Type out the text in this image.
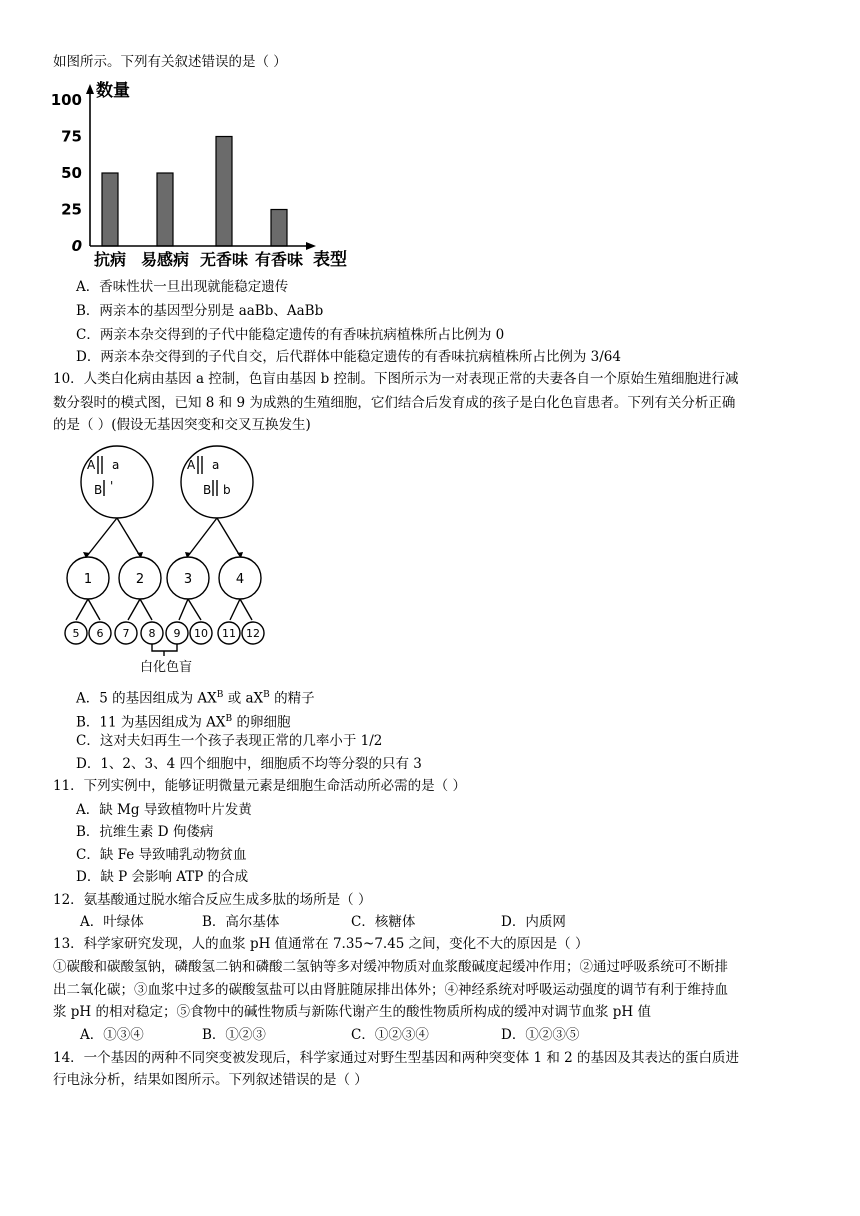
如图所示。下列有关叙述错误的是（ ）
100
75
50
25
0
抗病 易感病 无香味 有香味
数量
表型
A．香味性状一旦出现就能稳定遗传
B．两亲本的基因型分别是 aaBb、AaBb
C．两亲本杂交得到的子代中能稳定遗传的有香味抗病植株所占比例为 0
D．两亲本杂交得到的子代自交，后代群体中能稳定遗传的有香味抗病植株所占比例为 3/64
10．人类白化病由基因 a 控制，色盲由基因 b 控制。下图所示为一对表现正常的夫妻各自一个原始生殖细胞进行减
数分裂时的模式图，已知 8 和 9 为成熟的生殖细胞，它们结合后发育成的孩子是白化色盲患者。下列有关分析正确
的是（ ）(假设无基因突变和交叉互换发生)
A a
B '
A a
B b
1	2	3	4
5 6 7 8 9 10 11 12
白化色盲
A．5 的基因组成为 $AX^B$ 或 $aX^B$ 的精子
B．11 为基因组成为 $AX^B$ 的卵细胞
C．这对夫妇再生一个孩子表现正常的几率小于 1/2
D．1、2、3、4 四个细胞中，细胞质不均等分裂的只有 3
11．下列实例中，能够证明微量元素是细胞生命活动所必需的是（ ）
A．缺 Mg 导致植物叶片发黄
B．抗维生素 D 佝偻病
C．缺 Fe 导致哺乳动物贫血
D．缺 P 会影响 ATP 的合成
12．氨基酸通过脱水缩合反应生成多肽的场所是（ ）
A．叶绿体	B．高尔基体	C．核糖体	D．内质网
13．科学家研究发现，人的血浆 pH 值通常在 7.35~7.45 之间，变化不大的原因是（ ）
①碳酸和碳酸氢钠，磷酸氢二钠和磷酸二氢钠等多对缓冲物质对血浆酸碱度起缓冲作用；②通过呼吸系统可不断排
出二氧化碳；③血浆中过多的碳酸氢盐可以由肾脏随尿排出体外；④神经系统对呼吸运动强度的调节有利于维持血
浆 pH 的相对稳定；⑤食物中的碱性物质与新陈代谢产生的酸性物质所构成的缓冲对调节血浆 pH 值
A．①③④	B．①②③	C．①②③④	D．①②③⑤
14．一个基因的两种不同突变被发现后，科学家通过对野生型基因和两种突变体 1 和 2 的基因及其表达的蛋白质进
行电泳分析，结果如图所示。下列叙述错误的是（ ）
